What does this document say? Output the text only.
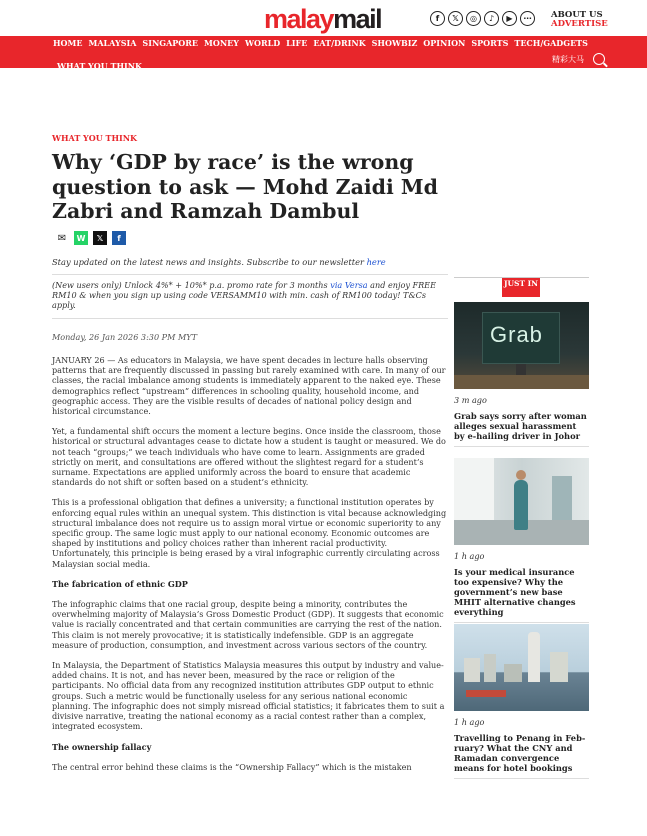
malaymail	f	𝕏	◎	♪	▶	⋯	ABOUT US
ADVERTISE
HOME MALAYSIA SINGAPORE MONEY WORLD LIFE EAT/DRINK SHOWBIZ OPINION SPORTS TECH/GADGETS
WHAT YOU THINK
精彩大马
WHAT YOU THINK
Why ‘GDP by race’ is the wrong question to ask — Mohd Zaidi Md Zabri and Ramzah Dambul
✉	W	𝕏	f
Stay updated on the latest news and insights. Subscribe to our newsletter here
(New users only) Unlock 4%* + 10%* p.a. promo rate for 3 months via Versa and enjoy FREE RM10 & when you sign up using code VERSAMM10 with min. cash of RM100 today! T&Cs apply.
Monday, 26 Jan 2026 3:30 PM MYT

JANUARY 26 — As educators in Malaysia, we have spent decades in lecture halls observing patterns that are frequently discussed in passing but rarely examined with care. In many of our classes, the racial imbalance among students is immediately apparent to the naked eye. These demographics reflect “upstream” differences in schooling quality, household income, and geographic access. They are the visible results of decades of national policy design and historical circumstance.

Yet, a fundamental shift occurs the moment a lecture begins. Once inside the classroom, those historical or structural advantages cease to dictate how a student is taught or measured. We do not teach “groups;” we teach individuals who have come to learn. Assignments are graded strictly on merit, and consultations are offered without the slightest regard for a student’s surname. Expectations are applied uniformly across the board to ensure that academic standards do not shift or soften based on a student’s ethnicity.

This is a professional obligation that defines a university; a functional institution operates by enforcing equal rules within an unequal system. This distinction is vital because acknowledging structural imbalance does not require us to assign moral virtue or economic superiority to any specific group. The same logic must apply to our national economy. Economic outcomes are shaped by institutions and policy choices rather than inherent racial productivity. Unfortunately, this principle is being erased by a viral infographic currently circulating across Malaysian social media.

The fabrication of ethnic GDP

The infographic claims that one racial group, despite being a minority, contributes the overwhelming majority of Malaysia’s Gross Domestic Product (GDP). It suggests that economic value is racially concentrated and that certain communities are carrying the rest of the nation. This claim is not merely provocative; it is statistically indefensible. GDP is an aggregate measure of production, consumption, and investment across various sectors of the country.

In Malaysia, the Department of Statistics Malaysia measures this output by industry and value-added chains. It is not, and has never been, measured by the race or religion of the participants. No official data from any recognized institution attributes GDP output to ethnic groups. Such a metric would be functionally useless for any serious national economic planning. The infographic does not simply misread official statistics; it fabricates them to suit a divisive narrative, treating the national economy as a racial contest rather than a complex, integrated ecosystem.

The ownership fallacy

The central error behind these claims is the “Ownership Fallacy” which is the mistaken

JUST IN
Grab
3 m ago
Grab says sorry after woman alleges sexual harassment by e-hailing driver in Johor
1 h ago
Is your medical insurance too expensive? Why the government’s new base MHIT alternative changes everything
1 h ago
Travelling to Penang in February? What the CNY and Ramadan convergence means for hotel bookings
